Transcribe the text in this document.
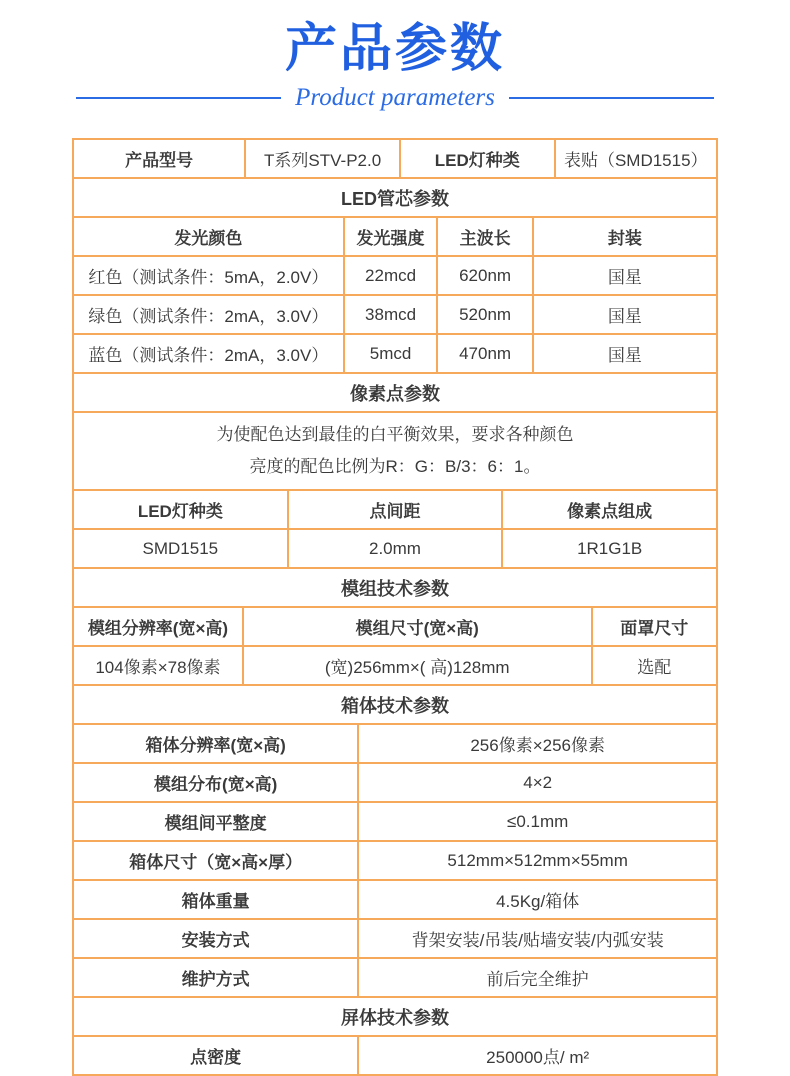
产品参数
Product parameters
产品型号	T系列STV-P2.0	LED灯种类	表贴（SMD1515）
LED管芯参数
发光颜色	发光强度	主波长	封装
红色（测试条件：5mA，2.0V）	22mcd	620nm	国星
绿色（测试条件：2mA，3.0V）	38mcd	520nm	国星
蓝色（测试条件：2mA，3.0V）	5mcd	470nm	国星
像素点参数
为使配色达到最佳的白平衡效果，要求各种颜色
亮度的配色比例为R：G：B/3：6：1。
LED灯种类	点间距	像素点组成
SMD1515	2.0mm	1R1G1B
模组技术参数
模组分辨率(宽×高)	模组尺寸(宽×高)	面罩尺寸
104像素×78像素	(宽)256mm×( 高)128mm	选配
箱体技术参数
箱体分辨率(宽×高)	256像素×256像素
模组分布(宽×高)	4×2
模组间平整度	≤0.1mm
箱体尺寸（宽×高×厚）	512mm×512mm×55mm
箱体重量	4.5Kg/箱体
安装方式	背架安装/吊装/贴墙安装/内弧安装
维护方式	前后完全维护
屏体技术参数
点密度	250000点/ m²
